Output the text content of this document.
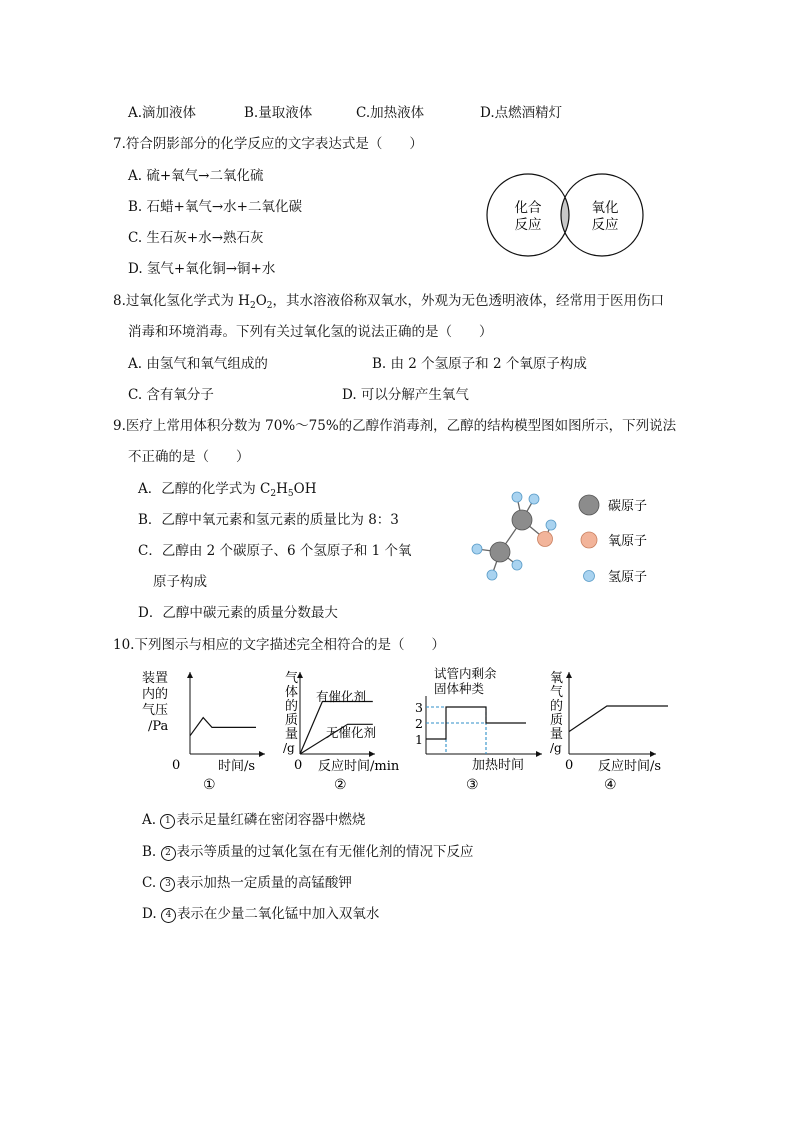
A.滴加液体	B.量取液体	C.加热液体	D.点燃酒精灯
7.符合阴影部分的化学反应的文字表达式是（　　）
A. 硫+氧气→二氧化硫
B. 石蜡+氧气→水+二氧化碳
C. 生石灰+水→熟石灰
D. 氢气+氧化铜→铜+水
化合
反应
氧化
反应
8.过氧化氢化学式为 $H_2O_2$，其水溶液俗称双氧水，外观为无色透明液体，经常用于医用伤口
消毒和环境消毒。下列有关过氧化氢的说法正确的是（　　）
A. 由氢气和氧气组成的	B. 由 2 个氢原子和 2 个氧原子构成
C. 含有氧分子	D. 可以分解产生氧气
9.医疗上常用体积分数为 70%～75%的乙醇作消毒剂，乙醇的结构模型图如图所示，下列说法
不正确的是（　　）
A．乙醇的化学式为 $C_2H_5OH$
B．乙醇中氧元素和氢元素的质量比为 8：3
C．乙醇由 2 个碳原子、6 个氢原子和 1 个氧
原子构成
D．乙醇中碳元素的质量分数最大
碳原子
氧原子
氢原子
10.下列图示与相应的文字描述完全相符合的是（　　）
装置
内的
气压
/Pa
0	时间/s
①
气
体
的
质
量
/g
0 反应时间/min
有催化剂
无催化剂
②
试管内剩余
固体种类
3
2
1
加热时间
③
氧
气
的
质
量
/g
0 反应时间/s
④
A. 1 表示足量红磷在密闭容器中燃烧
B. 2 表示等质量的过氧化氢在有无催化剂的情况下反应
C. 3 表示加热一定质量的高锰酸钾
D. 4 表示在少量二氧化锰中加入双氧水
